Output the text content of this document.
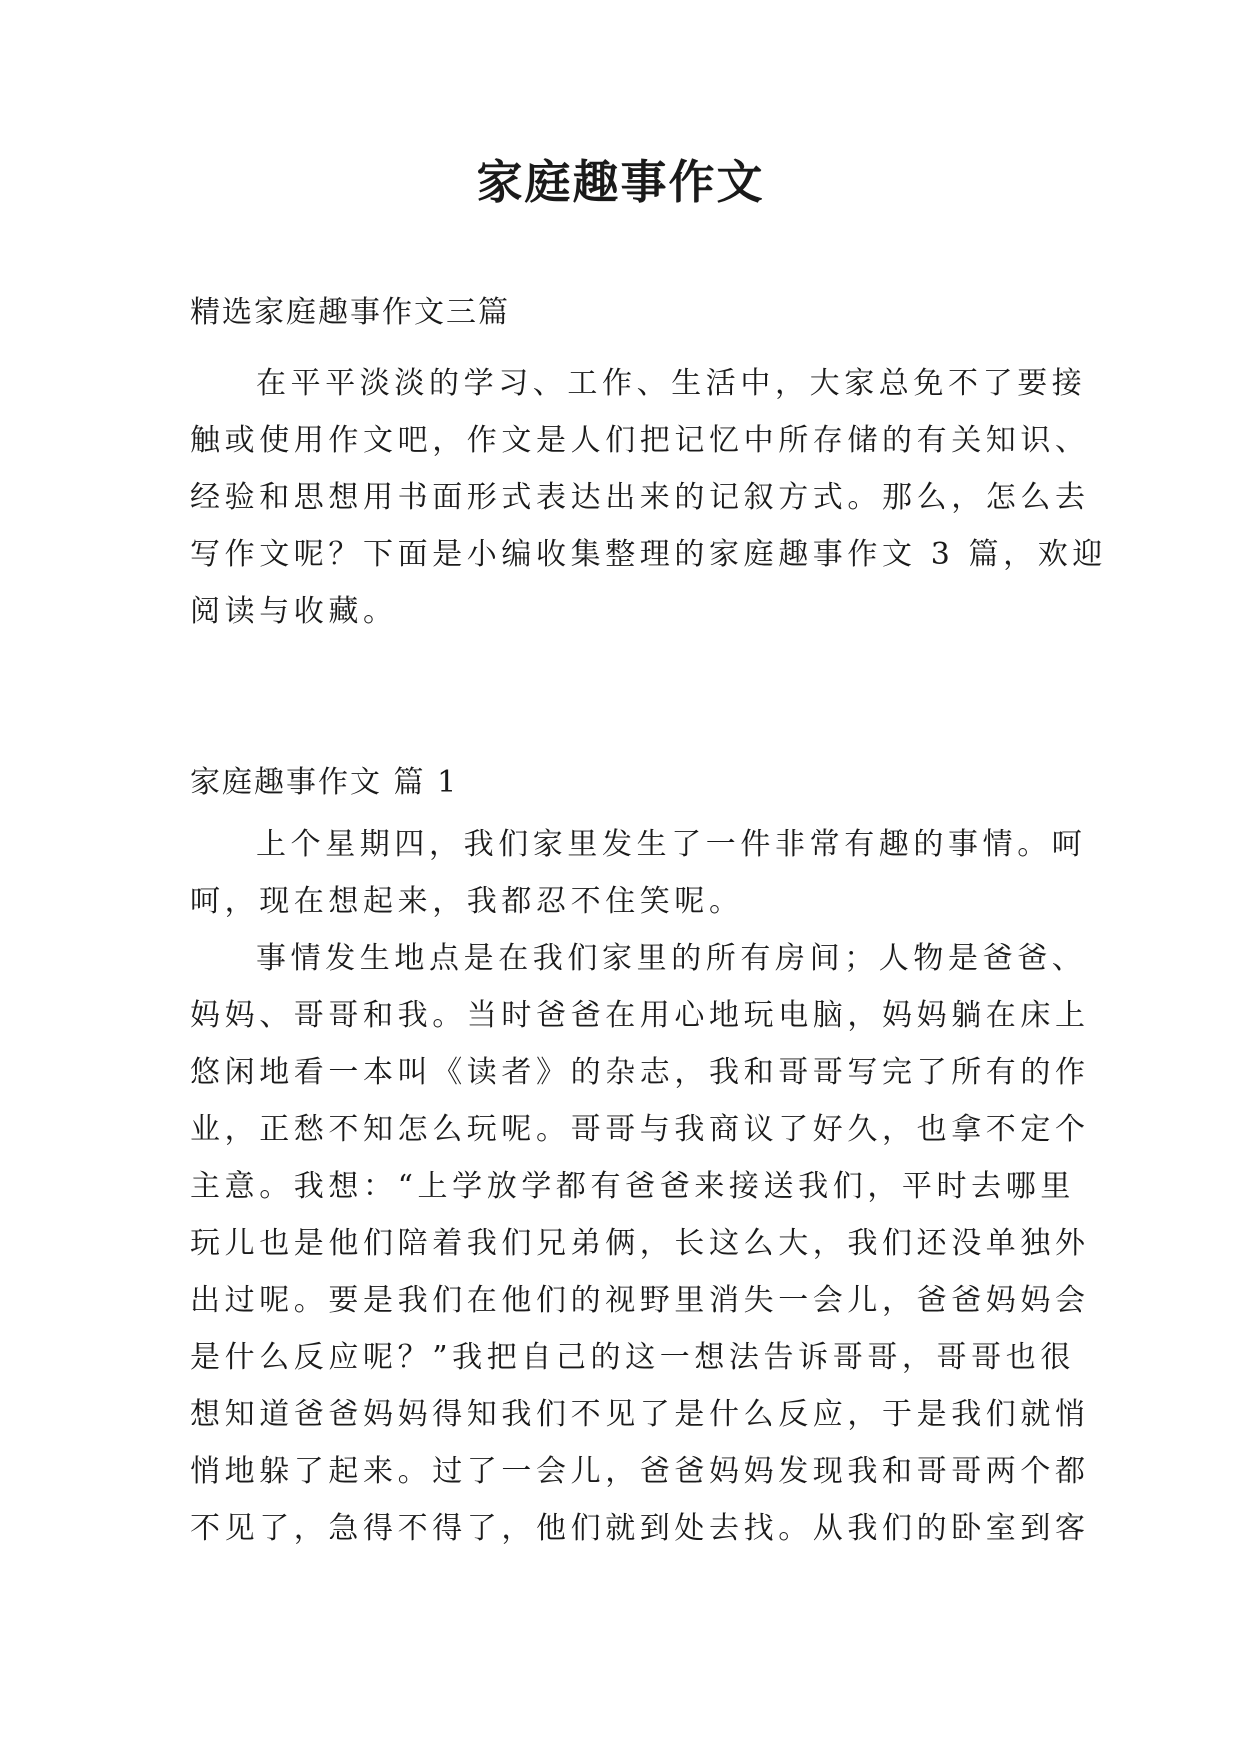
家庭趣事作文

精选家庭趣事作文三篇

在平平淡淡的学习、工作、生活中，大家总免不了要接
触或使用作文吧，作文是人们把记忆中所存储的有关知识、
经验和思想用书面形式表达出来的记叙方式。那么，怎么去
写作文呢？下面是小编收集整理的家庭趣事作文 3 篇，欢迎
阅读与收藏。

家庭趣事作文 篇 1

上个星期四，我们家里发生了一件非常有趣的事情。呵
呵，现在想起来，我都忍不住笑呢。
事情发生地点是在我们家里的所有房间；人物是爸爸、
妈妈、哥哥和我。当时爸爸在用心地玩电脑，妈妈躺在床上
悠闲地看一本叫《读者》的杂志，我和哥哥写完了所有的作
业，正愁不知怎么玩呢。哥哥与我商议了好久，也拿不定个
主意。我想：“上学放学都有爸爸来接送我们，平时去哪里
玩儿也是他们陪着我们兄弟俩，长这么大，我们还没单独外
出过呢。要是我们在他们的视野里消失一会儿，爸爸妈妈会
是什么反应呢？”我把自己的这一想法告诉哥哥，哥哥也很
想知道爸爸妈妈得知我们不见了是什么反应，于是我们就悄
悄地躲了起来。过了一会儿，爸爸妈妈发现我和哥哥两个都
不见了，急得不得了，他们就到处去找。从我们的卧室到客
